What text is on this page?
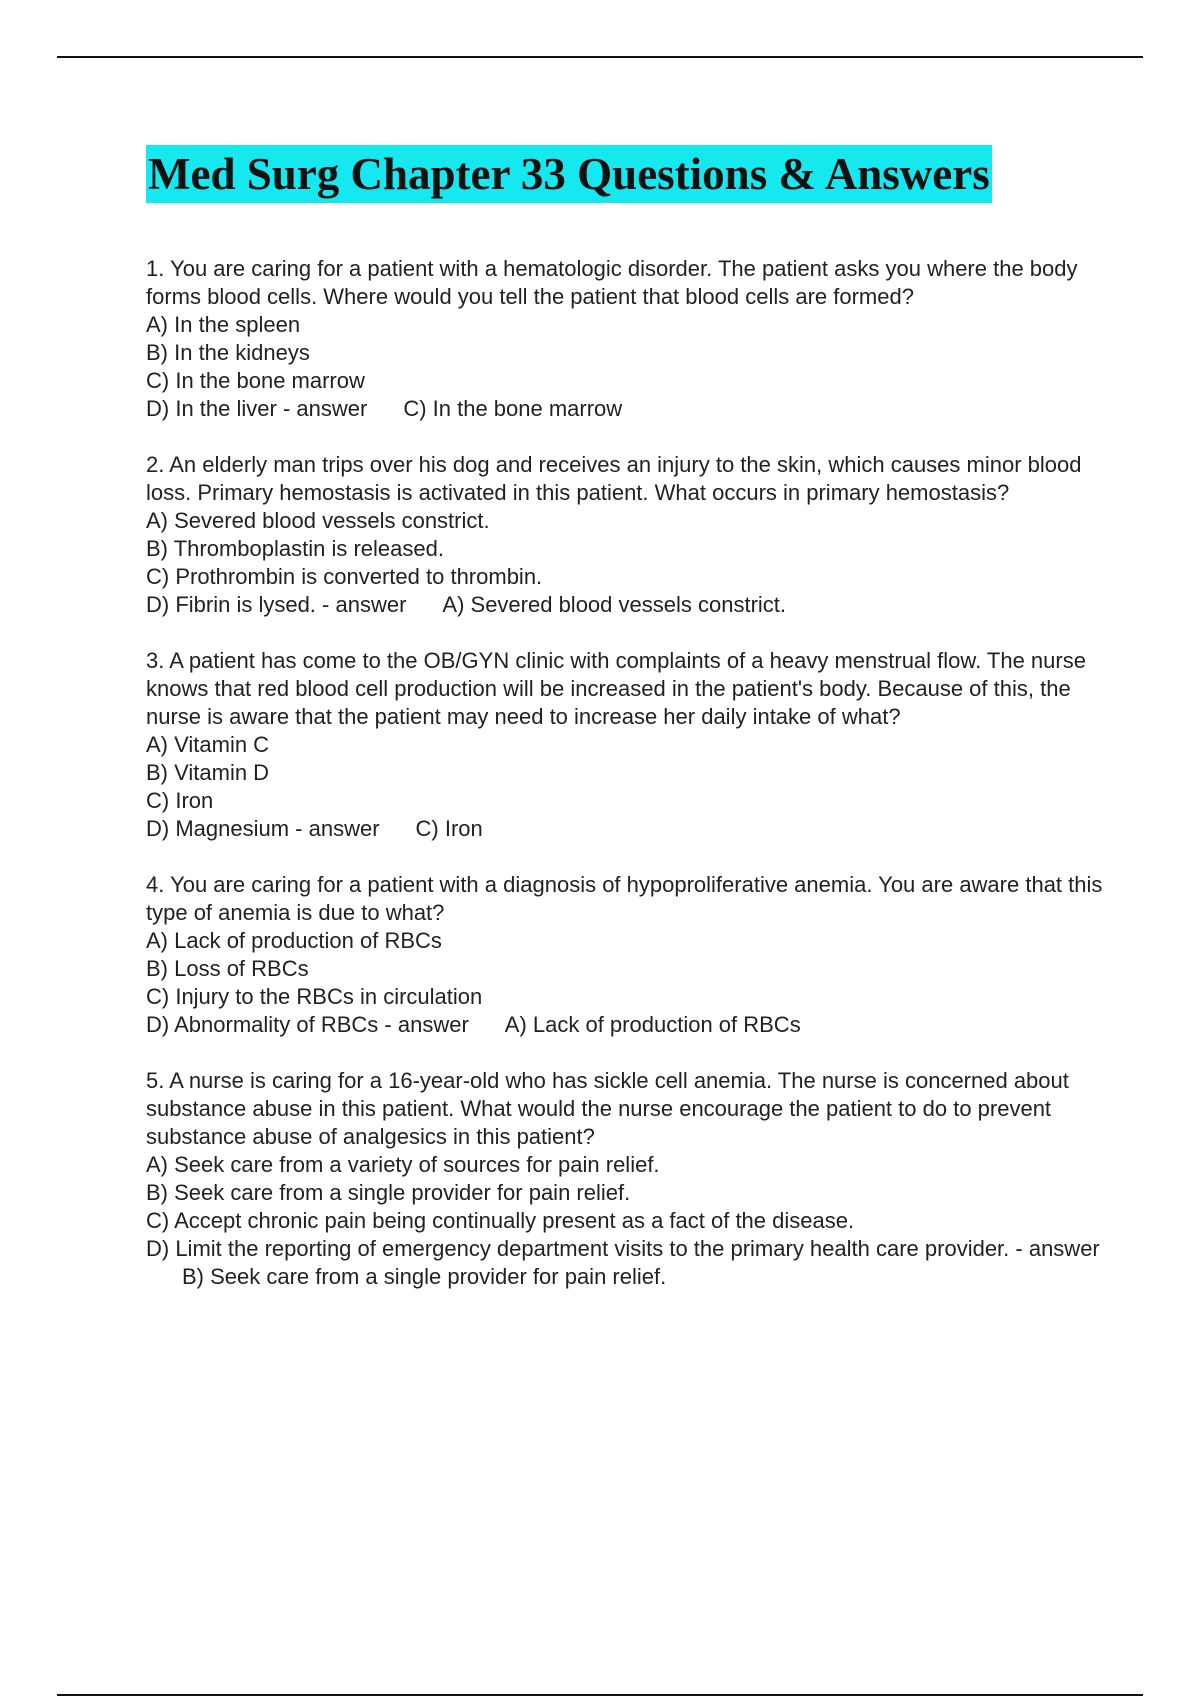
Med Surg Chapter 33 Questions & Answers

1. You are caring for a patient with a hematologic disorder. The patient asks you where the body forms blood cells. Where would you tell the patient that blood cells are formed?

A) In the spleen
B) In the kidneys
C) In the bone marrow
D) In the liver - answer C) In the bone marrow

2. An elderly man trips over his dog and receives an injury to the skin, which causes minor blood loss. Primary hemostasis is activated in this patient. What occurs in primary hemostasis?

A) Severed blood vessels constrict.
B) Thromboplastin is released.
C) Prothrombin is converted to thrombin.
D) Fibrin is lysed. - answer A) Severed blood vessels constrict.

3. A patient has come to the OB/GYN clinic with complaints of a heavy menstrual flow. The nurse knows that red blood cell production will be increased in the patient's body. Because of this, the nurse is aware that the patient may need to increase her daily intake of what?

A) Vitamin C
B) Vitamin D
C) Iron
D) Magnesium - answer C) Iron

4. You are caring for a patient with a diagnosis of hypoproliferative anemia. You are aware that this type of anemia is due to what?

A) Lack of production of RBCs
B) Loss of RBCs
C) Injury to the RBCs in circulation
D) Abnormality of RBCs - answer A) Lack of production of RBCs

5. A nurse is caring for a 16-year-old who has sickle cell anemia. The nurse is concerned about substance abuse in this patient. What would the nurse encourage the patient to do to prevent substance abuse of analgesics in this patient?

A) Seek care from a variety of sources for pain relief.
B) Seek care from a single provider for pain relief.
C) Accept chronic pain being continually present as a fact of the disease.
D) Limit the reporting of emergency department visits to the primary health care provider. - answerB) Seek care from a single provider for pain relief.
